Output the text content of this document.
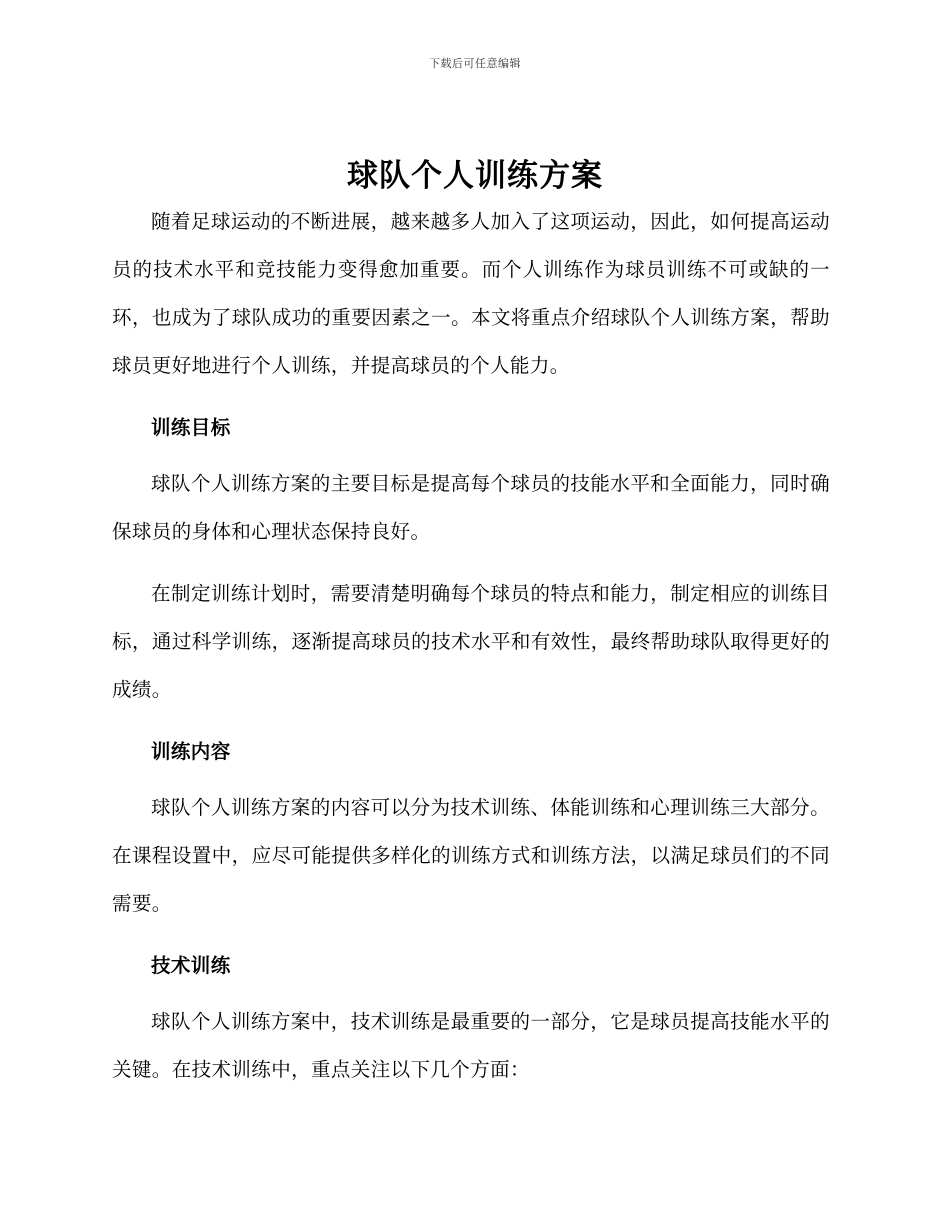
下载后可任意编辑
球队个人训练方案

随着足球运动的不断进展，越来越多人加入了这项运动，因此，如何提高运动员的技术水平和竞技能力变得愈加重要。而个人训练作为球员训练不可或缺的一环，也成为了球队成功的重要因素之一。本文将重点介绍球队个人训练方案，帮助球员更好地进行个人训练，并提高球员的个人能力。

训练目标

球队个人训练方案的主要目标是提高每个球员的技能水平和全面能力，同时确保球员的身体和心理状态保持良好。

在制定训练计划时，需要清楚明确每个球员的特点和能力，制定相应的训练目标，通过科学训练，逐渐提高球员的技术水平和有效性，最终帮助球队取得更好的成绩。

训练内容

球队个人训练方案的内容可以分为技术训练、体能训练和心理训练三大部分。在课程设置中，应尽可能提供多样化的训练方式和训练方法，以满足球员们的不同需要。

技术训练

球队个人训练方案中，技术训练是最重要的一部分，它是球员提高技能水平的关键。在技术训练中，重点关注以下几个方面：
